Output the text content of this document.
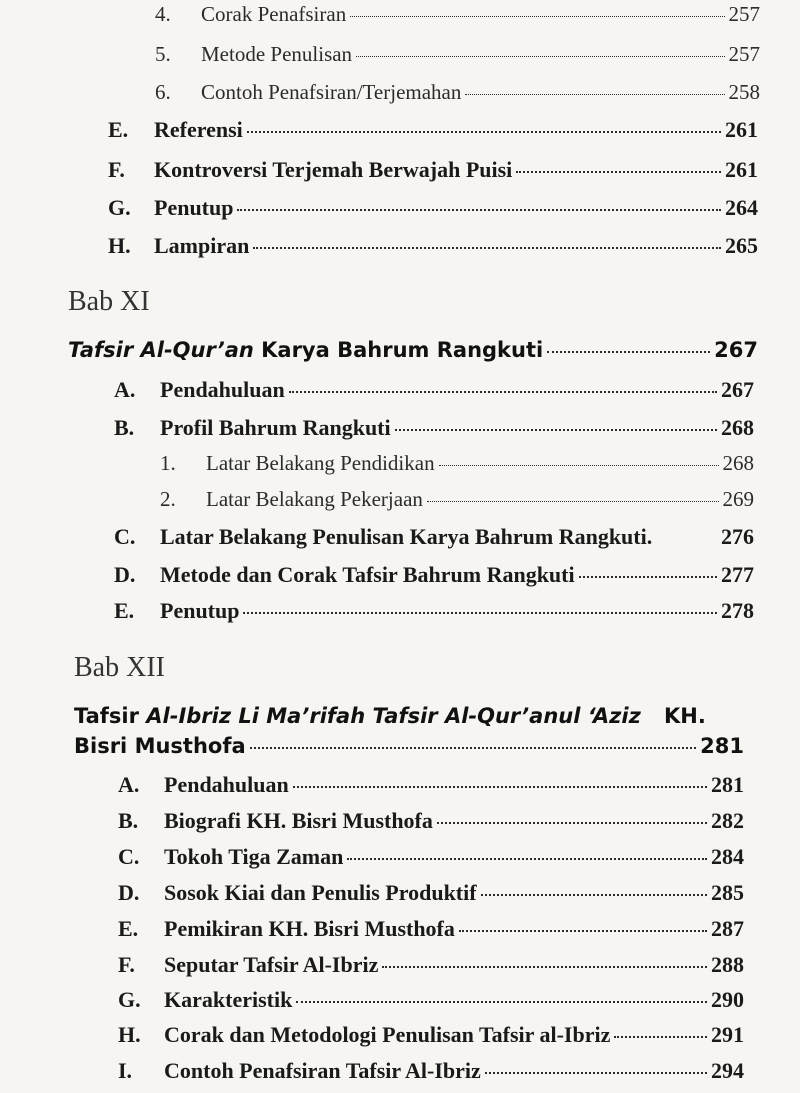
4.	Corak Penafsiran	257
5.	Metode Penulisan	257
6.	Contoh Penafsiran/Terjemahan	258
E.	Referensi	261
F.	Kontroversi Terjemah Berwajah Puisi	261
G.	Penutup	264
H.	Lampiran	265
Bab XI
Tafsir Al-Qur’an Karya Bahrum Rangkuti	267
A.	Pendahuluan	267
B.	Profil Bahrum Rangkuti	268
1.	Latar Belakang Pendidikan	268
2.	Latar Belakang Pekerjaan	269
C.	Latar Belakang Penulisan Karya Bahrum Rangkuti.	276
D.	Metode dan Corak Tafsir Bahrum Rangkuti	277
E.	Penutup	278
Bab XII
Tafsir Al-Ibriz Li Ma’rifah Tafsir Al-Qur’anul ‘Aziz KH.
Bisri Musthofa	281
A.	Pendahuluan	281
B.	Biografi KH. Bisri Musthofa	282
C.	Tokoh Tiga Zaman	284
D.	Sosok Kiai dan Penulis Produktif	285
E.	Pemikiran KH. Bisri Musthofa	287
F.	Seputar Tafsir Al-Ibriz	288
G.	Karakteristik	290
H.	Corak dan Metodologi Penulisan Tafsir al-Ibriz	291
I.	Contoh Penafsiran Tafsir Al-Ibriz	294
